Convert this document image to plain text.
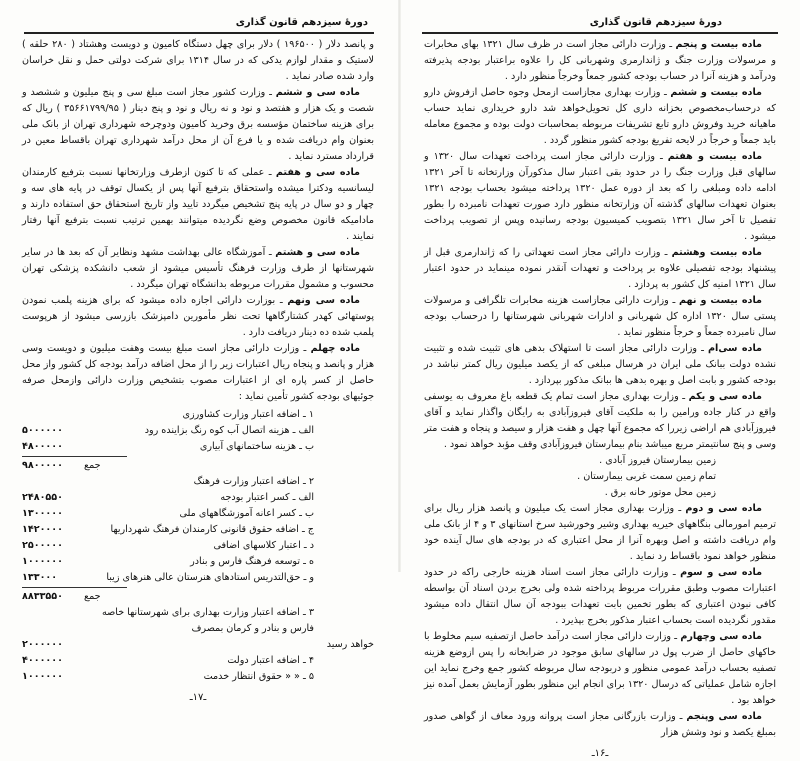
دورهٔ سیزدهم قانون گذاری

و پانصد دلار ( ۱۹۶۵۰۰ ) دلار برای چهل دستگاه کامیون و دویست وهشتاد ( ۲۸۰ حلقه ) لاستیک و مقدار لوازم یدکی که در سال ۱۳۱۴ برای شرکت دولتی حمل و نقل خراسان وارد شده صادر نماید .

ماده سی و ششم ـ وزارت کشور مجاز است مبلغ سی و پنج میلیون و ششصد و شصت و یک هزار و هفتصد و نود و نه ریال و نود و پنج دینار ( ۳۵۶۶۱۷۹۹/۹۵ ) ریال که برای هزینه ساختمان مؤسسه برق وخرید کامیون ودوچرخه شهرداری تهران از بانک ملی بعنوان وام دریافت شده و یا فرع آن از محل درآمد شهرداری تهران باقساط معین در قرارداد مسترد نماید .

ماده سی و هفتم ـ عملی که تا کنون ازطرف وزارتخانها نسبت بترفیع کارمندان لیسانسیه ودکترا میشده واستحقاق بترفیع آنها پس از یکسال توقف در پایه های سه و چهار و دو سال در پایه پنج تشخیص میگردد تایید واز تاریخ استحقاق حق استفاده دارند و مادامیکه قانون مخصوص وضع نگردیده میتوانند بهمین ترتیب نسبت بترفیع آنها رفتار نمایند .

ماده سی و هشتم ـ آموزشگاه عالی بهداشت مشهد ونظایر آن که بعد ها در سایر شهرستانها از طرف وزارت فرهنگ تأسیس میشود از شعب دانشکده پزشکی تهران محسوب و مشمول مقررات مربوطه بدانشگاه تهران میگردد .

ماده سی ونهم ـ بوزارت دارائی اجازه داده میشود که برای هزینه پلمب نمودن پوستهائی کهدر کشتارگاهها تحت نظر مأمورین دامپزشک بازرسی میشود از هرپوست پلمب شده ده دینار دریافت دارد .

ماده چهلم ـ وزارت دارائی مجاز است مبلغ بیست وهفت میلیون و دویست وسی هزار و پانصد و پنجاه ریال اعتبارات زیر را از محل اضافه درآمد بودجه کل کشور واز محل حاصل از کسر پاره ای از اعتبارات مصوب بتشخیص وزارت دارائی وازمحل صرفه جوئیهای بودجه کشور تأمین نماید :

۱ ـ اضافه اعتبار وزارت کشاورزی
الف ـ هزینه اتصال آب کوه رنگ بزاینده رود
۵۰۰۰۰۰۰
ب ـ هزینه ساختمانهای آبیاری
۴۸۰۰۰۰۰
جمع
۹۸۰۰۰۰۰
۲ ـ اضافه اعتبار وزارت فرهنگ
الف ـ کسر اعتبار بودجه
۲۴۸۰۵۵۰
ب ـ کسر اعانه آموزشگاههای ملی
۱۳۰۰۰۰۰
ج ـ اضافه حقوق قانونی کارمندان فرهنگ شهرداریها
۱۴۲۰۰۰۰
د ـ اعتبار کلاسهای اضافی
۲۵۰۰۰۰۰
ه ـ توسعه فرهنگ فارس و بنادر
۱۰۰۰۰۰۰
و ـ حق‌التدریس استادهای هنرستان عالی هنرهای زیبا
۱۳۳۰۰۰
جمع
۸۸۳۳۵۵۰
۳ ـ اضافه اعتبار وزارت بهداری برای شهرستانها خاصه فارس و بنادر و کرمان بمصرف
خواهد رسید
۲۰۰۰۰۰۰
۴ ـ اضافه اعتبار دولت
۴۰۰۰۰۰۰
۵ ـ « « حقوق انتظار خدمت
۱۰۰۰۰۰۰
ـ۱۷ـ
دورهٔ سیزدهم قانون گذاری

ماده بیست و پنجم ـ وزارت دارائی مجاز است در ظرف سال ۱۳۲۱ بهای مخابرات و مرسولات وزارت جنگ و ژاندارمری وشهربانی کل را علاوه براعتبار بودجه پذیرفته ودرآمد و هزینه آنرا در حساب بودجه کشور جمعاً وخرجاً منظور دارد .

ماده بیست و ششم ـ وزارت بهداری مجازاست ازمحل وجوه حاصل ازفروش دارو که درحساب‌مخصوص بخزانه داری کل تحویل‌خواهد شد دارو خریداری نماید حساب ماهیانه خرید وفروش دارو تابع تشریفات مربوطه بمحاسبات دولت بوده و مجموع معامله باید جمعاً و خرجاً در لایحه تفریغ بودجه کشور منظور گردد .

ماده بیست و هفتم ـ وزارت دارائی مجاز است پرداخت تعهدات سال ۱۳۲۰ و سالهای قبل وزارت جنگ را در حدود بقی اعتبار سال مذکورآن وزارتخانه تا آخر ۱۳۲۱ ادامه داده ومبلغی را که بعد از دوره عمل ۱۳۲۰ پرداخته میشود بحساب بودجه ۱۳۲۱ بعنوان تعهدات سالهای گذشته آن وزارتخانه منظور دارد صورت تعهدات نامبرده را بطور تفصیل تا آخر سال ۱۳۲۱ بتصویب کمیسیون بودجه رسانیده وپس از تصویب پرداخت میشود .

ماده بیست وهشتم ـ وزارت دارائی مجاز است تعهداتی را که ژاندارمری قبل از پیشنهاد بودجه تفصیلی علاوه بر پرداخت و تعهدات آنقدر نموده مینماید در حدود اعتبار سال ۱۳۲۱ امنیه کل کشور به پردازد .

ماده بیست و نهم ـ وزارت دارائی مجازاست هزینه مخابرات تلگرافی و مرسولات پستی سال ۱۳۲۰ اداره کل شهربانی و ادارات شهربانی شهرستانها را درحساب بودجه سال نامبرده جمعاً و خرجاً منظور نماید .

ماده سی‌ام ـ وزارت دارائی مجاز است تا استهلاک بدهی های تثبیت شده و تثبیت نشده دولت ببانک ملی ایران در هرسال مبلغی که از یکصد میلیون ریال کمتر نباشد در بودجه کشور و بابت اصل و بهره بدهی ها ببانک مذکور بپردازد .

ماده سی و یکم ـ وزارت بهداری مجاز است تمام یک قطعه باغ معروف به یوسفی واقع در کنار جاده ورامین را به ملکیت آقای فیروزآبادی به رایگان واگذار نماید و آقای فیروزآبادی هم اراضی زیررا که مجموع آنها چهل و هفت هزار و سیصد و پنجاه و هفت متر وسی و پنج سانتیمتر مربع میباشد بنام بیمارستان فیروزآبادی وقف مؤبد خواهد نمود .

زمین بیمارستان فیروز آبادی .

تمام زمین سمت غربی بیمارستان .

زمین محل موتور خانه برق .

ماده سی و دوم ـ وزارت بهداری مجاز است یک میلیون و پانصد هزار ریال برای ترمیم امورمالی بنگاههای خیریه بهداری وشیر وخورشید سرخ استانهای ۳ و ۴ از بانک ملی وام دریافت داشته و اصل وبهره آنرا از محل اعتباری که در بودجه های سال آینده خود منظور خواهد نمود باقساط رد نماید .

ماده سی و سوم ـ وزارت دارائی مجاز است اسناد هزینه خارجی راکه در حدود اعتبارات مصوب وطبق مقررات مربوط پرداخته شده ولی بخرج بردن اسناد آن بواسطه کافی نبودن اعتباری که بطور تخمین بابت تعهدات ببودجه آن سال انتقال داده میشود مقدور نگردیده است بحساب اعتبار مذکور بخرج بپذیرد .

ماده سی وچهارم ـ وزارت دارائی مجاز است درآمد حاصل ازتصفیه سیم مخلوط با خاکهای حاصل از ضرب پول در سالهای سابق موجود در ضرابخانه را پس ازوضع هزینه تصفیه بحساب درآمد عمومی منظور و دربودجه سال مربوطه کشور جمع وخرج نماید این اجازه شامل عملیاتی که درسال ۱۳۲۰ برای انجام این منظور بطور آزمایش بعمل آمده نیز خواهد بود .

ماده سی وپنجم ـ وزارت بازرگانی مجاز است پروانه ورود معاف از گواهی صدور بمبلغ یکصد و نود وشش هزار

ـ۱۶ـ
